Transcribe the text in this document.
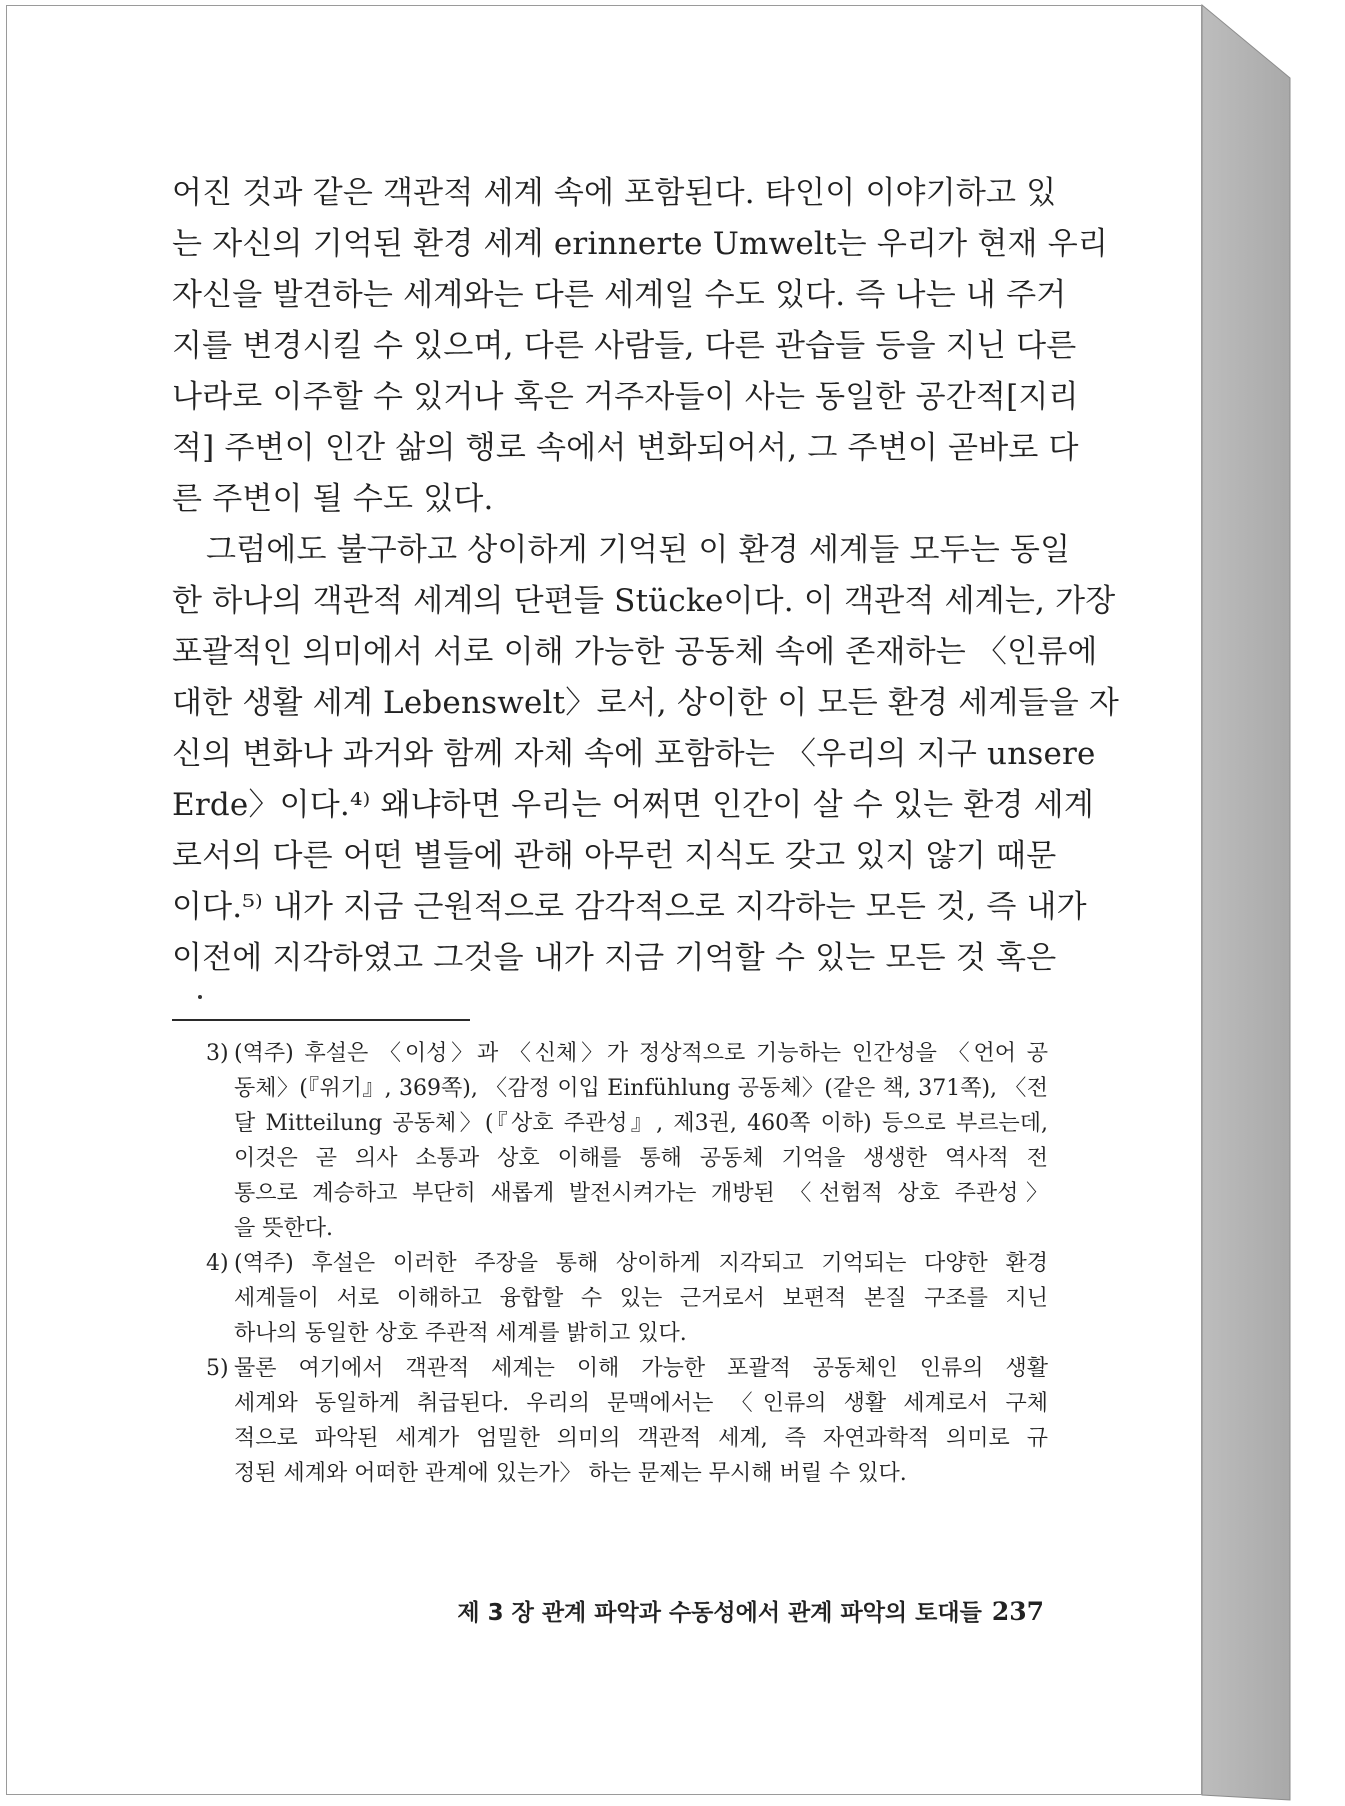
어진 것과 같은 객관적 세계 속에 포함된다. 타인이 이야기하고 있
는 자신의 기억된 환경 세계 erinnerte Umwelt는 우리가 현재 우리
자신을 발견하는 세계와는 다른 세계일 수도 있다. 즉 나는 내 주거
지를 변경시킬 수 있으며, 다른 사람들, 다른 관습들 등을 지닌 다른
나라로 이주할 수 있거나 혹은 거주자들이 사는 동일한 공간적[지리
적] 주변이 인간 삶의 행로 속에서 변화되어서, 그 주변이 곧바로 다
른 주변이 될 수도 있다.
그럼에도 불구하고 상이하게 기억된 이 환경 세계들 모두는 동일
한 하나의 객관적 세계의 단편들 Stücke이다. 이 객관적 세계는, 가장
포괄적인 의미에서 서로 이해 가능한 공동체 속에 존재하는 〈인류에
대한 생활 세계 Lebenswelt〉로서, 상이한 이 모든 환경 세계들을 자
신의 변화나 과거와 함께 자체 속에 포함하는 〈우리의 지구 unsere
Erde〉이다.⁴⁾ 왜냐하면 우리는 어쩌면 인간이 살 수 있는 환경 세계
로서의 다른 어떤 별들에 관해 아무런 지식도 갖고 있지 않기 때문
이다.⁵⁾ 내가 지금 근원적으로 감각적으로 지각하는 모든 것, 즉 내가
이전에 지각하였고 그것을 내가 지금 기억할 수 있는 모든 것 혹은
3) (역주) 후설은 〈이성〉과 〈신체〉가 정상적으로 기능하는 인간성을 〈언어 공
동체〉(『위기』, 369쪽), 〈감정 이입 Einfühlung 공동체〉(같은 책, 371쪽), 〈전
달 Mitteilung 공동체〉(『상호 주관성』, 제3권, 460쪽 이하) 등으로 부르는데,
이것은 곧 의사 소통과 상호 이해를 통해 공동체 기억을 생생한 역사적 전
통으로 계승하고 부단히 새롭게 발전시켜가는 개방된 〈선험적 상호 주관성〉
을 뜻한다.
4) (역주) 후설은 이러한 주장을 통해 상이하게 지각되고 기억되는 다양한 환경
세계들이 서로 이해하고 융합할 수 있는 근거로서 보편적 본질 구조를 지닌
하나의 동일한 상호 주관적 세계를 밝히고 있다.
5) 물론 여기에서 객관적 세계는 이해 가능한 포괄적 공동체인 인류의 생활
세계와 동일하게 취급된다. 우리의 문맥에서는 〈인류의 생활 세계로서 구체
적으로 파악된 세계가 엄밀한 의미의 객관적 세계, 즉 자연과학적 의미로 규
정된 세계와 어떠한 관계에 있는가〉 하는 문제는 무시해 버릴 수 있다.
제 3 장 관계 파악과 수동성에서 관계 파악의 토대들 237
